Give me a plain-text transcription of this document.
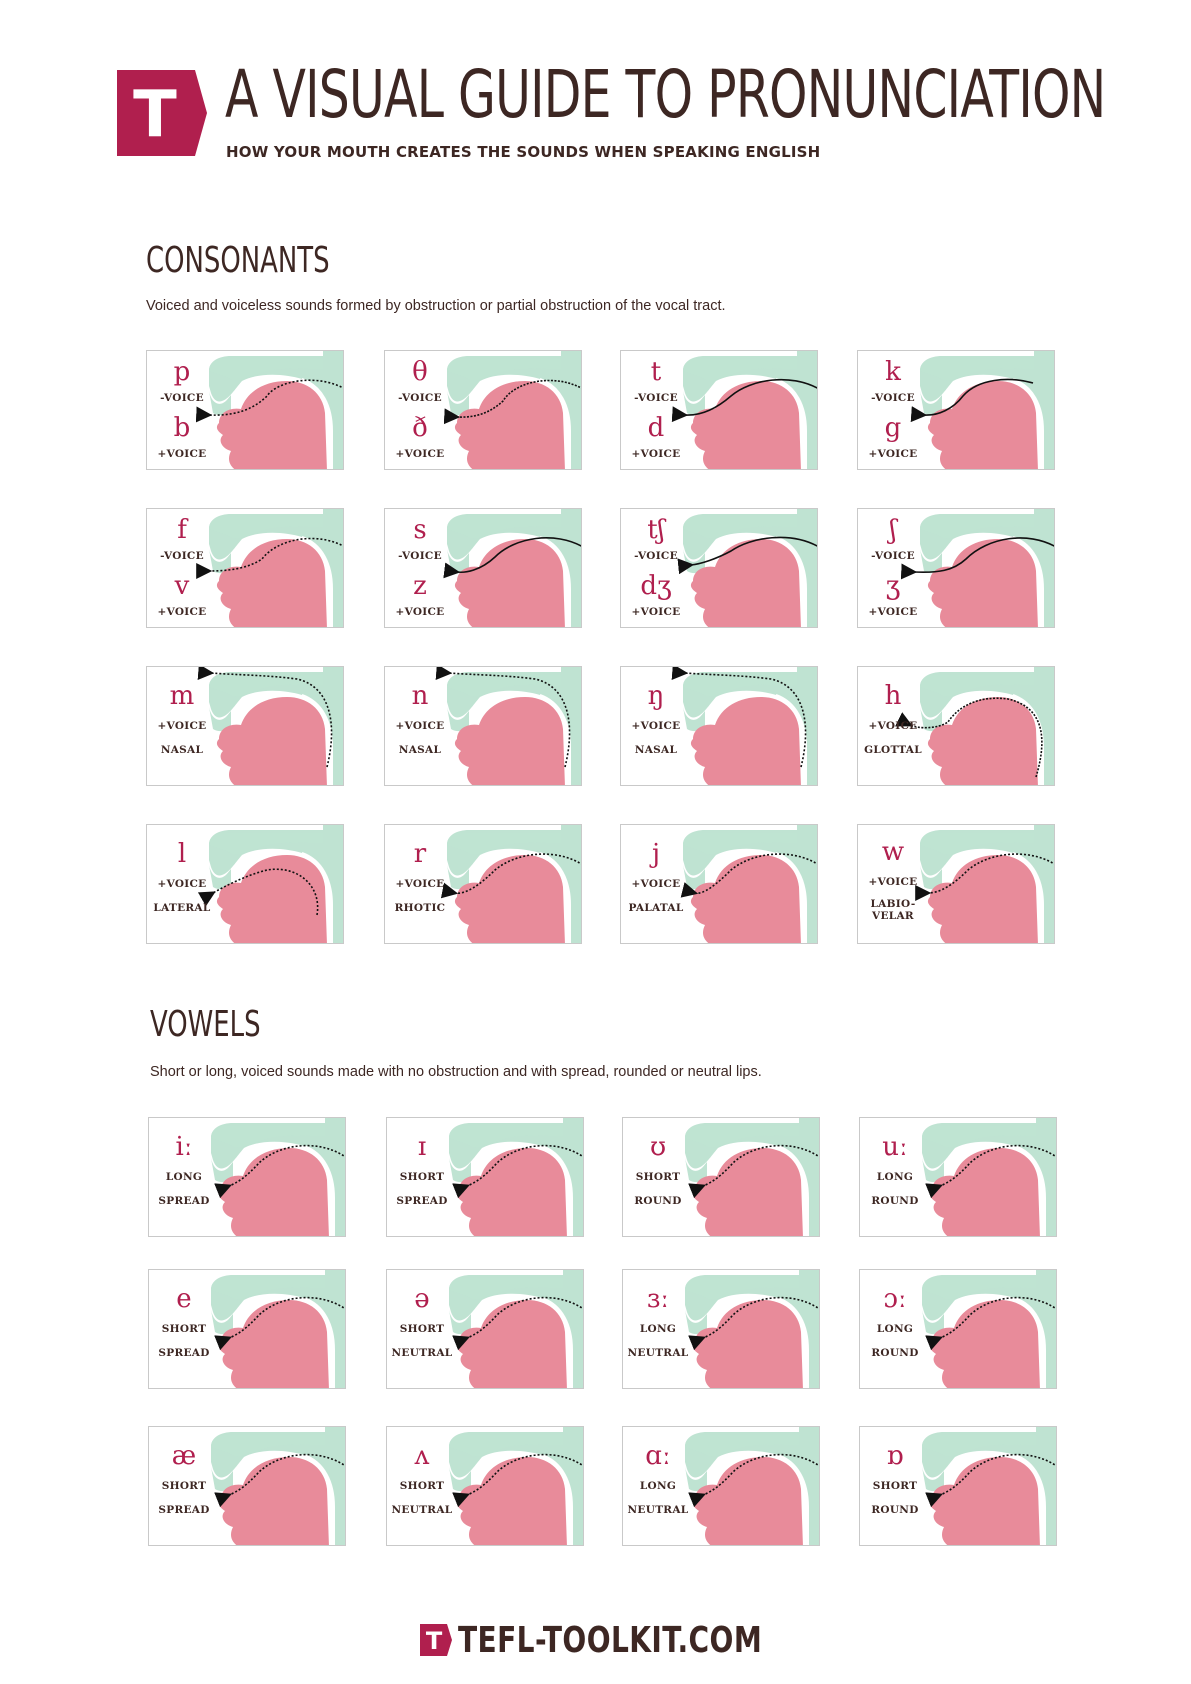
T A VISUAL GUIDE TO PRONUNCIATION
HOW YOUR MOUTH CREATES THE SOUNDS WHEN SPEAKING ENGLISH
CONSONANTS
Voiced and voiceless sounds formed by obstruction or partial obstruction of the vocal tract.
p
-VOICE
b
+VOICE
θ
-VOICE
ð
+VOICE
t
-VOICE
d
+VOICE
k
-VOICE
g
+VOICE
f
-VOICE
v
+VOICE
s
-VOICE
z
+VOICE
tʃ
-VOICE
dʒ
+VOICE
ʃ
-VOICE
ʒ
+VOICE
m
+VOICE
NASAL
n
+VOICE
NASAL
ŋ
+VOICE
NASAL
h
+VOICE
GLOTTAL
l
+VOICE
LATERAL
r
+VOICE
RHOTIC
j
+VOICE
PALATAL
w
+VOICE
LABIO-
VELAR
VOWELS
Short or long, voiced sounds made with no obstruction and with spread, rounded or neutral lips.
iː
LONG
SPREAD
ɪ
SHORT
SPREAD
ʊ
SHORT
ROUND
uː
LONG
ROUND
e
SHORT
SPREAD
ə
SHORT
NEUTRAL
ɜː
LONG
NEUTRAL
ɔː
LONG
ROUND
æ
SHORT
SPREAD
ʌ
SHORT
NEUTRAL
ɑː
LONG
NEUTRAL
ɒ
SHORT
ROUND
T TEFL-TOOLKIT.COM
